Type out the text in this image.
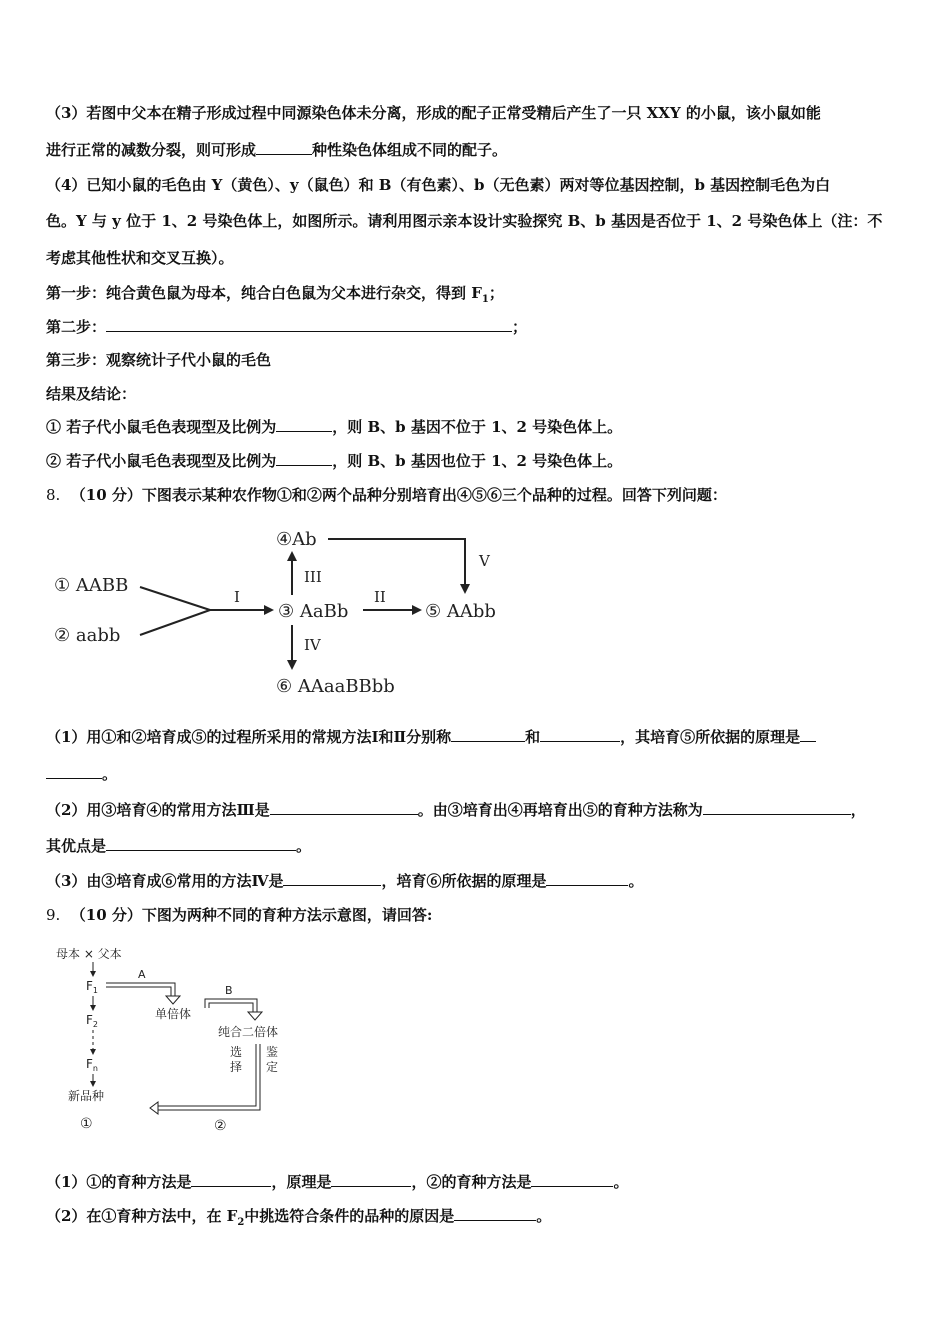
（3）若图中父本在精子形成过程中同源染色体未分离，形成的配子正常受精后产生了一只 XXY 的小鼠，该小鼠如能
进行正常的减数分裂，则可形成	种性染色体组成不同的配子。
（4）已知小鼠的毛色由 Y（黄色）、y（鼠色）和 B（有色素）、b（无色素）两对等位基因控制，b 基因控制毛色为白
色。Y 与 y 位于 1、2 号染色体上，如图所示。请利用图示亲本设计实验探究 B、b 基因是否位于 1、2 号染色体上（注：不
考虑其他性状和交叉互换）。
第一步：纯合黄色鼠为母本，纯合白色鼠为父本进行杂交，得到 $F_1$；
第二步：	；
第三步：观察统计子代小鼠的毛色
结果及结论：
① 若子代小鼠毛色表现型及比例为	，则 B、b 基因不位于 1、2 号染色体上。
② 若子代小鼠毛色表现型及比例为	，则 B、b 基因也位于 1、2 号染色体上。
8. （10 分）下图表示某种农作物①和②两个品种分别培育出④⑤⑥三个品种的过程。回答下列问题：
① AABB
② aabb
I
③ AaBb
II
⑤ AAbb
III
④Ab
V
IV
⑥ AAaaBBbb
（1）用①和②培育成⑤的过程所采用的常规方法Ⅰ和Ⅱ分别称	和	，其培育⑤所依据的原理是
。
（2）用③培育④的常用方法Ⅲ是	。由③培育出④再培育出⑤的育种方法称为	，
其优点是	。
（3）由③培育成⑥常用的方法Ⅳ是	，培育⑥所依据的原理是	。
9. （10 分）下图为两种不同的育种方法示意图，请回答:
母本 × 父本
$F_1$
$F_2$
$F_n$
新品种
①
A
单倍体
B
纯合二倍体
选
择
鉴
定
②
（1）①的育种方法是	，原理是	，②的育种方法是	。
（2）在①育种方法中，在 $F_2$中挑选符合条件的品种的原因是	。
